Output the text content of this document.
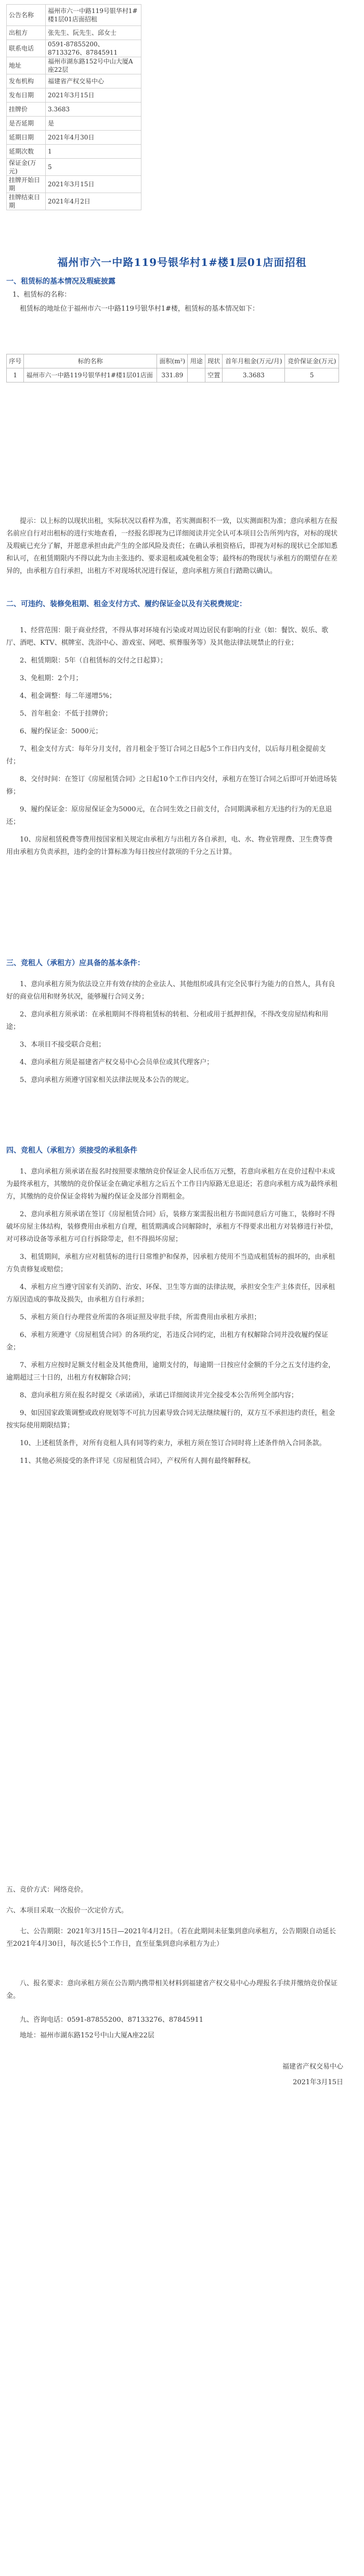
公告名称	福州市六一中路119号银华村1#楼1层01店面招租
出租方	张先生、阮先生、邱女士
联系电话	0591-87855200、87133276、87845911
地址	福州市湖东路152号中山大厦A座22层
发布机构	福建省产权交易中心
发布日期	2021年3月15日
挂牌价	3.3683
是否延期	是
延期日期	2021年4月30日
延期次数	1
保证金(万元)	5
挂牌开始日期	2021年3月15日
挂牌结束日期	2021年4月2日
福州市六一中路119号银华村1#楼1层01店面招租
一、租赁标的基本情况及瑕疵披露
1、租赁标的名称：
租赁标的地址位于福州市六一中路119号银华村1#楼，租赁标的基本情况如下：
序号	标的名称	面积(m²)	用途	现状	首年月租金(万元/月)	竞价保证金(万元)
1	福州市六一中路119号银华村1#楼1层01店面	331.89		空置	3.3683	5
提示：以上标的以现状出租，实际状况以看样为准，若实测面积不一致，以实测面积为准；意向承租方在报名前应自行对出租标的进行实地查看，一经报名即视为已详细阅读并完全认可本项目公告所列内容，对标的现状及瑕疵已充分了解，并愿意承担由此产生的全部风险及责任；在确认承租资格后，即视为对标的现状已全部知悉和认可，在租赁期限内不得以此为由主张违约、要求退租或减免租金等；最终标的物现状与承租方的期望存在差异的，由承租方自行承担，出租方不对现场状况进行保证，意向承租方须自行踏勘以确认。
二、可违约、装修免租期、租金支付方式、履约保证金以及有关税费规定：
1、经营范围：限于商业经营，不得从事对环境有污染或对周边居民有影响的行业（如：餐饮、娱乐、歌厅、酒吧、KTV、棋牌室、洗浴中心、游戏室、网吧、殡葬服务等）及其他法律法规禁止的行业；
2、租赁期限：5年（自租赁标的交付之日起算）；
3、免租期：2个月；
4、租金调整：每二年递增5%；
5、首年租金：不低于挂牌价；
6、履约保证金：5000元；
7、租金支付方式：每年分月支付，首月租金于签订合同之日起5个工作日内支付，以后每月租金提前支付；
8、交付时间：在签订《房屋租赁合同》之日起10个工作日内交付，承租方在签订合同之后即可开始进场装修；
9、履约保证金：原房屋保证金为5000元，在合同生效之日前支付，合同期满承租方无违约行为的无息退还；
10、房屋租赁税费等费用按国家相关规定由承租方与出租方各自承担，电、水、物业管理费、卫生费等费用由承租方负责承担，违约金的计算标准为每日按应付款项的千分之五计算。
三、竞租人（承租方）应具备的基本条件：
1、意向承租方须为依法设立并有效存续的企业法人、其他组织或具有完全民事行为能力的自然人，具有良好的商业信用和财务状况，能够履行合同义务；
2、意向承租方须承诺：在承租期间不得将租赁标的转租、分租或用于抵押担保，不得改变房屋结构和用途；
3、本项目不接受联合竞租；
4、意向承租方须是福建省产权交易中心会员单位或其代理客户；
5、意向承租方须遵守国家相关法律法规及本公告的规定。
四、竞租人（承租方）须接受的承租条件
1、意向承租方须承诺在报名时按照要求缴纳竞价保证金人民币伍万元整，若意向承租方在竞价过程中未成为最终承租方，其缴纳的竞价保证金在确定承租方之后五个工作日内原路无息退还；若意向承租方成为最终承租方，其缴纳的竞价保证金将转为履约保证金及部分首期租金。
2、意向承租方须承诺在签订《房屋租赁合同》后，装修方案需报出租方书面同意后方可施工，装修时不得破坏房屋主体结构，装修费用由承租方自理，租赁期满或合同解除时，承租方不得要求出租方对装修进行补偿，对可移动设备等承租方可自行拆除带走，但不得损坏房屋；
3、租赁期间，承租方应对租赁标的进行日常维护和保养，因承租方使用不当造成租赁标的损坏的，由承租方负责修复或赔偿；
4、承租方应当遵守国家有关消防、治安、环保、卫生等方面的法律法规，承担安全生产主体责任，因承租方原因造成的事故及损失，由承租方自行承担；
5、承租方须自行办理营业所需的各项证照及审批手续，所需费用由承租方承担；
6、承租方须遵守《房屋租赁合同》的各项约定，若违反合同约定，出租方有权解除合同并没收履约保证金；
7、承租方应按时足额支付租金及其他费用，逾期支付的，每逾期一日按应付金额的千分之五支付违约金，逾期超过三十日的，出租方有权解除合同；
8、意向承租方须在报名时提交《承诺函》，承诺已详细阅读并完全接受本公告所列全部内容；
9、如因国家政策调整或政府规划等不可抗力因素导致合同无法继续履行的，双方互不承担违约责任，租金按实际使用期限结算；
10、上述租赁条件，对所有竞租人具有同等约束力，承租方须在签订合同时将上述条件纳入合同条款。
11、其他必须接受的条件详见《房屋租赁合同》，产权所有人拥有最终解释权。
五、竞价方式：网络竞价。
六、本项目采取一次报价一次定价方式。
七、公告期限：2021年3月15日—2021年4月2日。（若在此期间未征集到意向承租方，公告期限自动延长至2021年4月30日，每次延长5个工作日，直至征集到意向承租方为止）
八、报名要求：意向承租方须在公告期内携带相关材料到福建省产权交易中心办理报名手续并缴纳竞价保证金。
九、咨询电话：0591-87855200、87133276、87845911
地址：福州市湖东路152号中山大厦A座22层
福建省产权交易中心
2021年3月15日
